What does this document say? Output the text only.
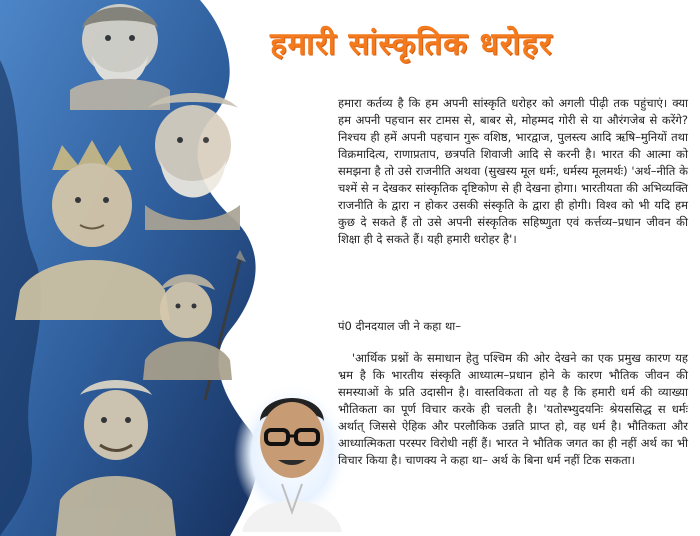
हमारी सांस्कृतिक धरोहर

हमारा कर्तव्य है कि हम अपनी सांस्कृति धरोहर को अगली पीढ़ी तक पहुंचाएं। क्या हम अपनी पहचान सर टामस से, बाबर से, मोहम्मद गोरी से या औरंगजेब से करेंगे? निश्चय ही हमें अपनी पहचान गुरू वशिष्ठ, भारद्वाज, पुलस्त्य आदि ऋषि–मुनियों तथा विक्रमादित्य, राणाप्रताप, छत्रपति शिवाजी आदि से करनी है। भारत की आत्मा को समझना है तो उसे राजनीति अथवा (सुखस्य मूल धर्मः, धर्मस्य मूलमर्थः) 'अर्थ–नीति के चश्में से न देखकर सांस्कृतिक दृष्टिकोण से ही देखना होगा। भारतीयता की अभिव्यक्ति राजनीति के द्वारा न होकर उसकी संस्कृति के द्वारा ही होगी। विश्व को भी यदि हम कुछ दे सकते हैं तो उसे अपनी संस्कृतिक सहिष्णुता एवं कर्त्तव्य–प्रधान जीवन की शिक्षा ही दे सकते हैं। यही हमारी धरोहर है'।

पं0 दीनदयाल जी ने कहा था–

'आर्थिक प्रश्नों के समाधान हेतु पश्चिम की ओर देखने का एक प्रमुख कारण यह भ्रम है कि भारतीय संस्कृति आध्यात्म–प्रधान होने के कारण भौतिक जीवन की समस्याओं के प्रति उदासीन है। वास्तविकता तो यह है कि हमारी धर्म की व्याख्या भौतिकता का पूर्ण विचार करके ही चलती है। 'यतोस्भ्युदयनिः श्रेयससिद्ध स धर्मः अर्थात् जिससे ऐहिक और परलौकिक उन्नति प्राप्त हो, वह धर्म है। भौतिकता और आध्यात्मिकता परस्पर विरोधी नहीं हैं। भारत ने भौतिक जगत का ही नहीं अर्थ का भी विचार किया है। चाणक्य ने कहा था– अर्थ के बिना धर्म नहीं टिक सकता।
